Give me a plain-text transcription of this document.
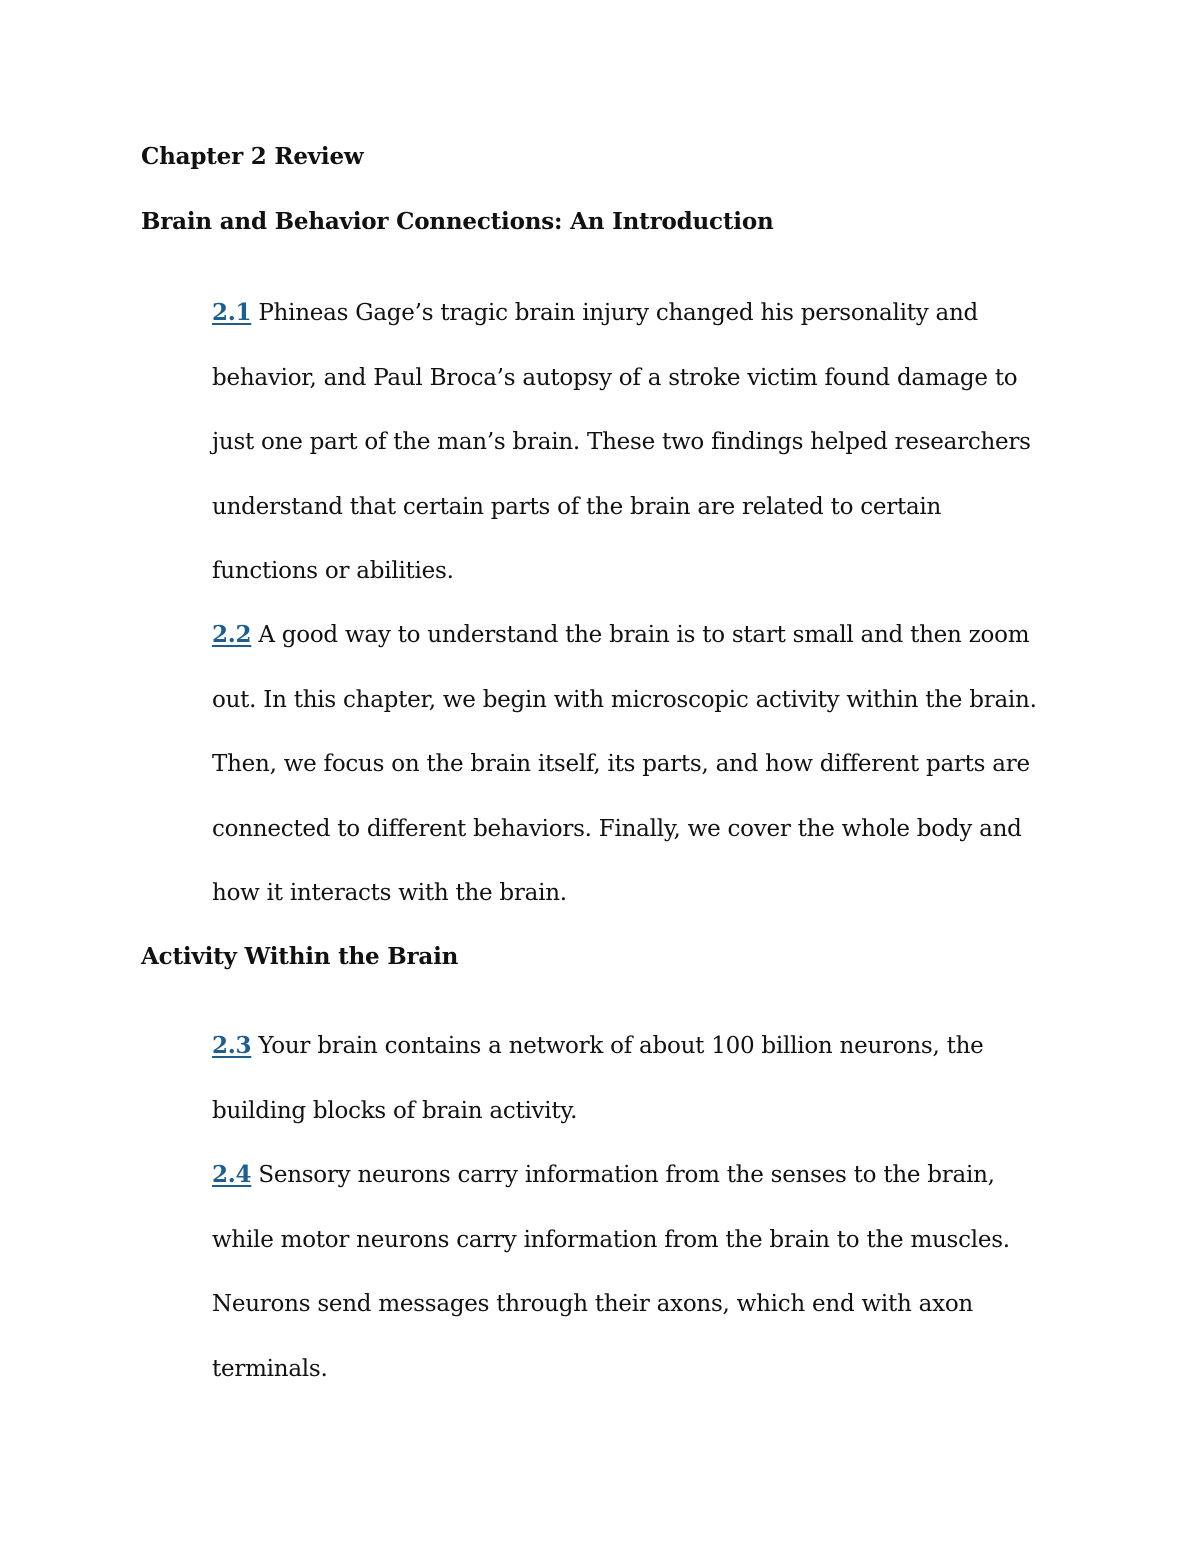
Chapter 2 Review
Brain and Behavior Connections: An Introduction
2.1 Phineas Gage’s tragic brain injury changed his personality and
behavior, and Paul Broca’s autopsy of a stroke victim found damage to
just one part of the man’s brain. These two findings helped researchers
understand that certain parts of the brain are related to certain
functions or abilities.
2.2 A good way to understand the brain is to start small and then zoom
out. In this chapter, we begin with microscopic activity within the brain.
Then, we focus on the brain itself, its parts, and how different parts are
connected to different behaviors. Finally, we cover the whole body and
how it interacts with the brain.
Activity Within the Brain
2.3 Your brain contains a network of about 100 billion neurons, the
building blocks of brain activity.
2.4 Sensory neurons carry information from the senses to the brain,
while motor neurons carry information from the brain to the muscles.
Neurons send messages through their axons, which end with axon
terminals.
